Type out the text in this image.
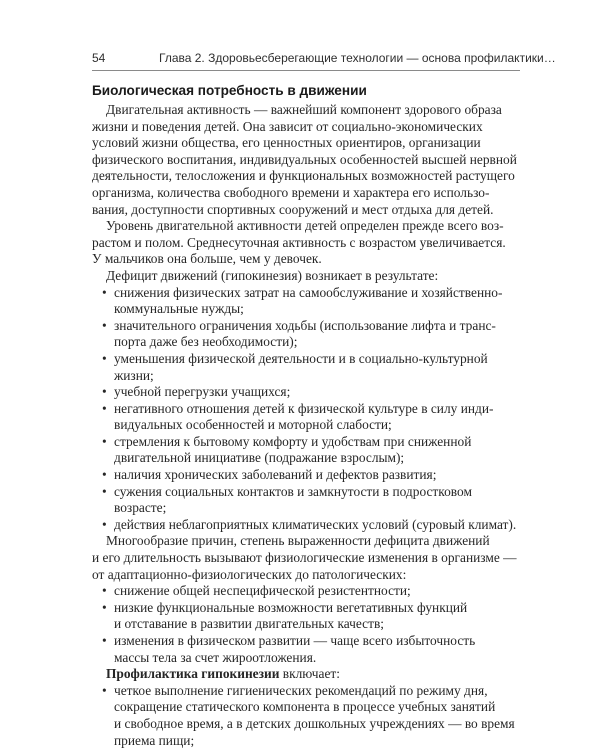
54	Глава 2. Здоровьесберегающие технологии — основа профилактики…
Биологическая потребность в движении
Двигательная активность — важнейший компонент здорового образа
жизни и поведения детей. Она зависит от социально-экономических
условий жизни общества, его ценностных ориентиров, организации
физического воспитания, индивидуальных особенностей высшей нервной
деятельности, телосложения и функциональных возможностей растущего
организма, количества свободного времени и характера его использо-
вания, доступности спортивных сооружений и мест отдыха для детей.
Уровень двигательной активности детей определен прежде всего воз-
растом и полом. Среднесуточная активность с возрастом увеличивается.
У мальчиков она больше, чем у девочек.
Дефицит движений (гипокинезия) возникает в результате:
• снижения физических затрат на самообслуживание и хозяйственно-
коммунальные нужды;
• значительного ограничения ходьбы (использование лифта и транс-
порта даже без необходимости);
• уменьшения физической деятельности и в социально-культурной
жизни;
• учебной перегрузки учащихся;
• негативного отношения детей к физической культуре в силу инди-
видуальных особенностей и моторной слабости;
• стремления к бытовому комфорту и удобствам при сниженной
двигательной инициативе (подражание взрослым);
• наличия хронических заболеваний и дефектов развития;
• сужения социальных контактов и замкнутости в подростковом
возрасте;
• действия неблагоприятных климатических условий (суровый климат).
Многообразие причин, степень выраженности дефицита движений
и его длительность вызывают физиологические изменения в организме —
от адаптационно-физиологических до патологических:
• снижение общей неспецифической резистентности;
• низкие функциональные возможности вегетативных функций
и отставание в развитии двигательных качеств;
• изменения в физическом развитии — чаще всего избыточность
массы тела за счет жироотложения.
Профилактика гипокинезии включает:
• четкое выполнение гигиенических рекомендаций по режиму дня,
сокращение статического компонента в процессе учебных занятий
и свободное время, а в детских дошкольных учреждениях — во время
приема пищи;
